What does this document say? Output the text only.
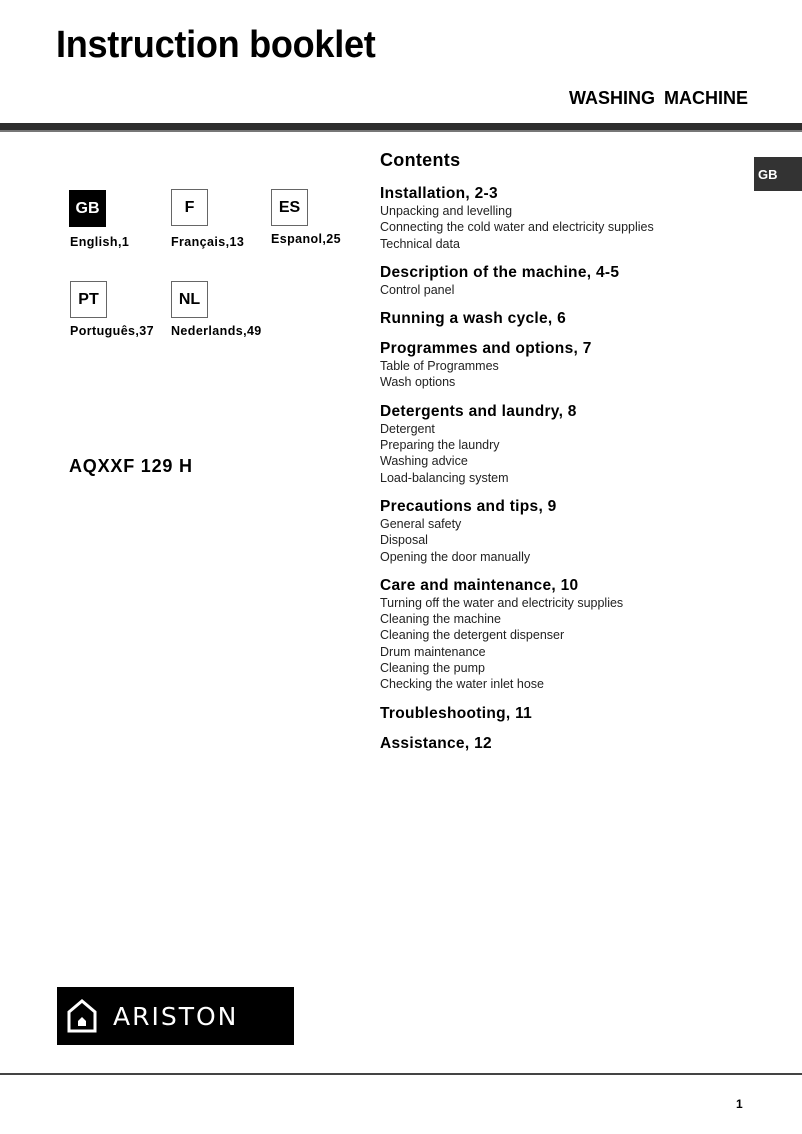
Instruction booklet
WASHING MACHINE
GB
English,1
F
Français,13
ES
Espanol,25
PT
Português,37
NL
Nederlands,49
AQXXF 129 H
GB
Contents
Installation, 2-3
Unpacking and levelling
Connecting the cold water and electricity supplies
Technical data
Description of the machine, 4-5
Control panel
Running a wash cycle, 6
Programmes and options, 7
Table of Programmes
Wash options
Detergents and laundry, 8
Detergent
Preparing the laundry
Washing advice
Load-balancing system
Precautions and tips, 9
General safety
Disposal
Opening the door manually
Care and maintenance, 10
Turning off the water and electricity supplies
Cleaning the machine
Cleaning the detergent dispenser
Drum maintenance
Cleaning the pump
Checking the water inlet hose
Troubleshooting, 11
Assistance, 12
ARISTON
1
